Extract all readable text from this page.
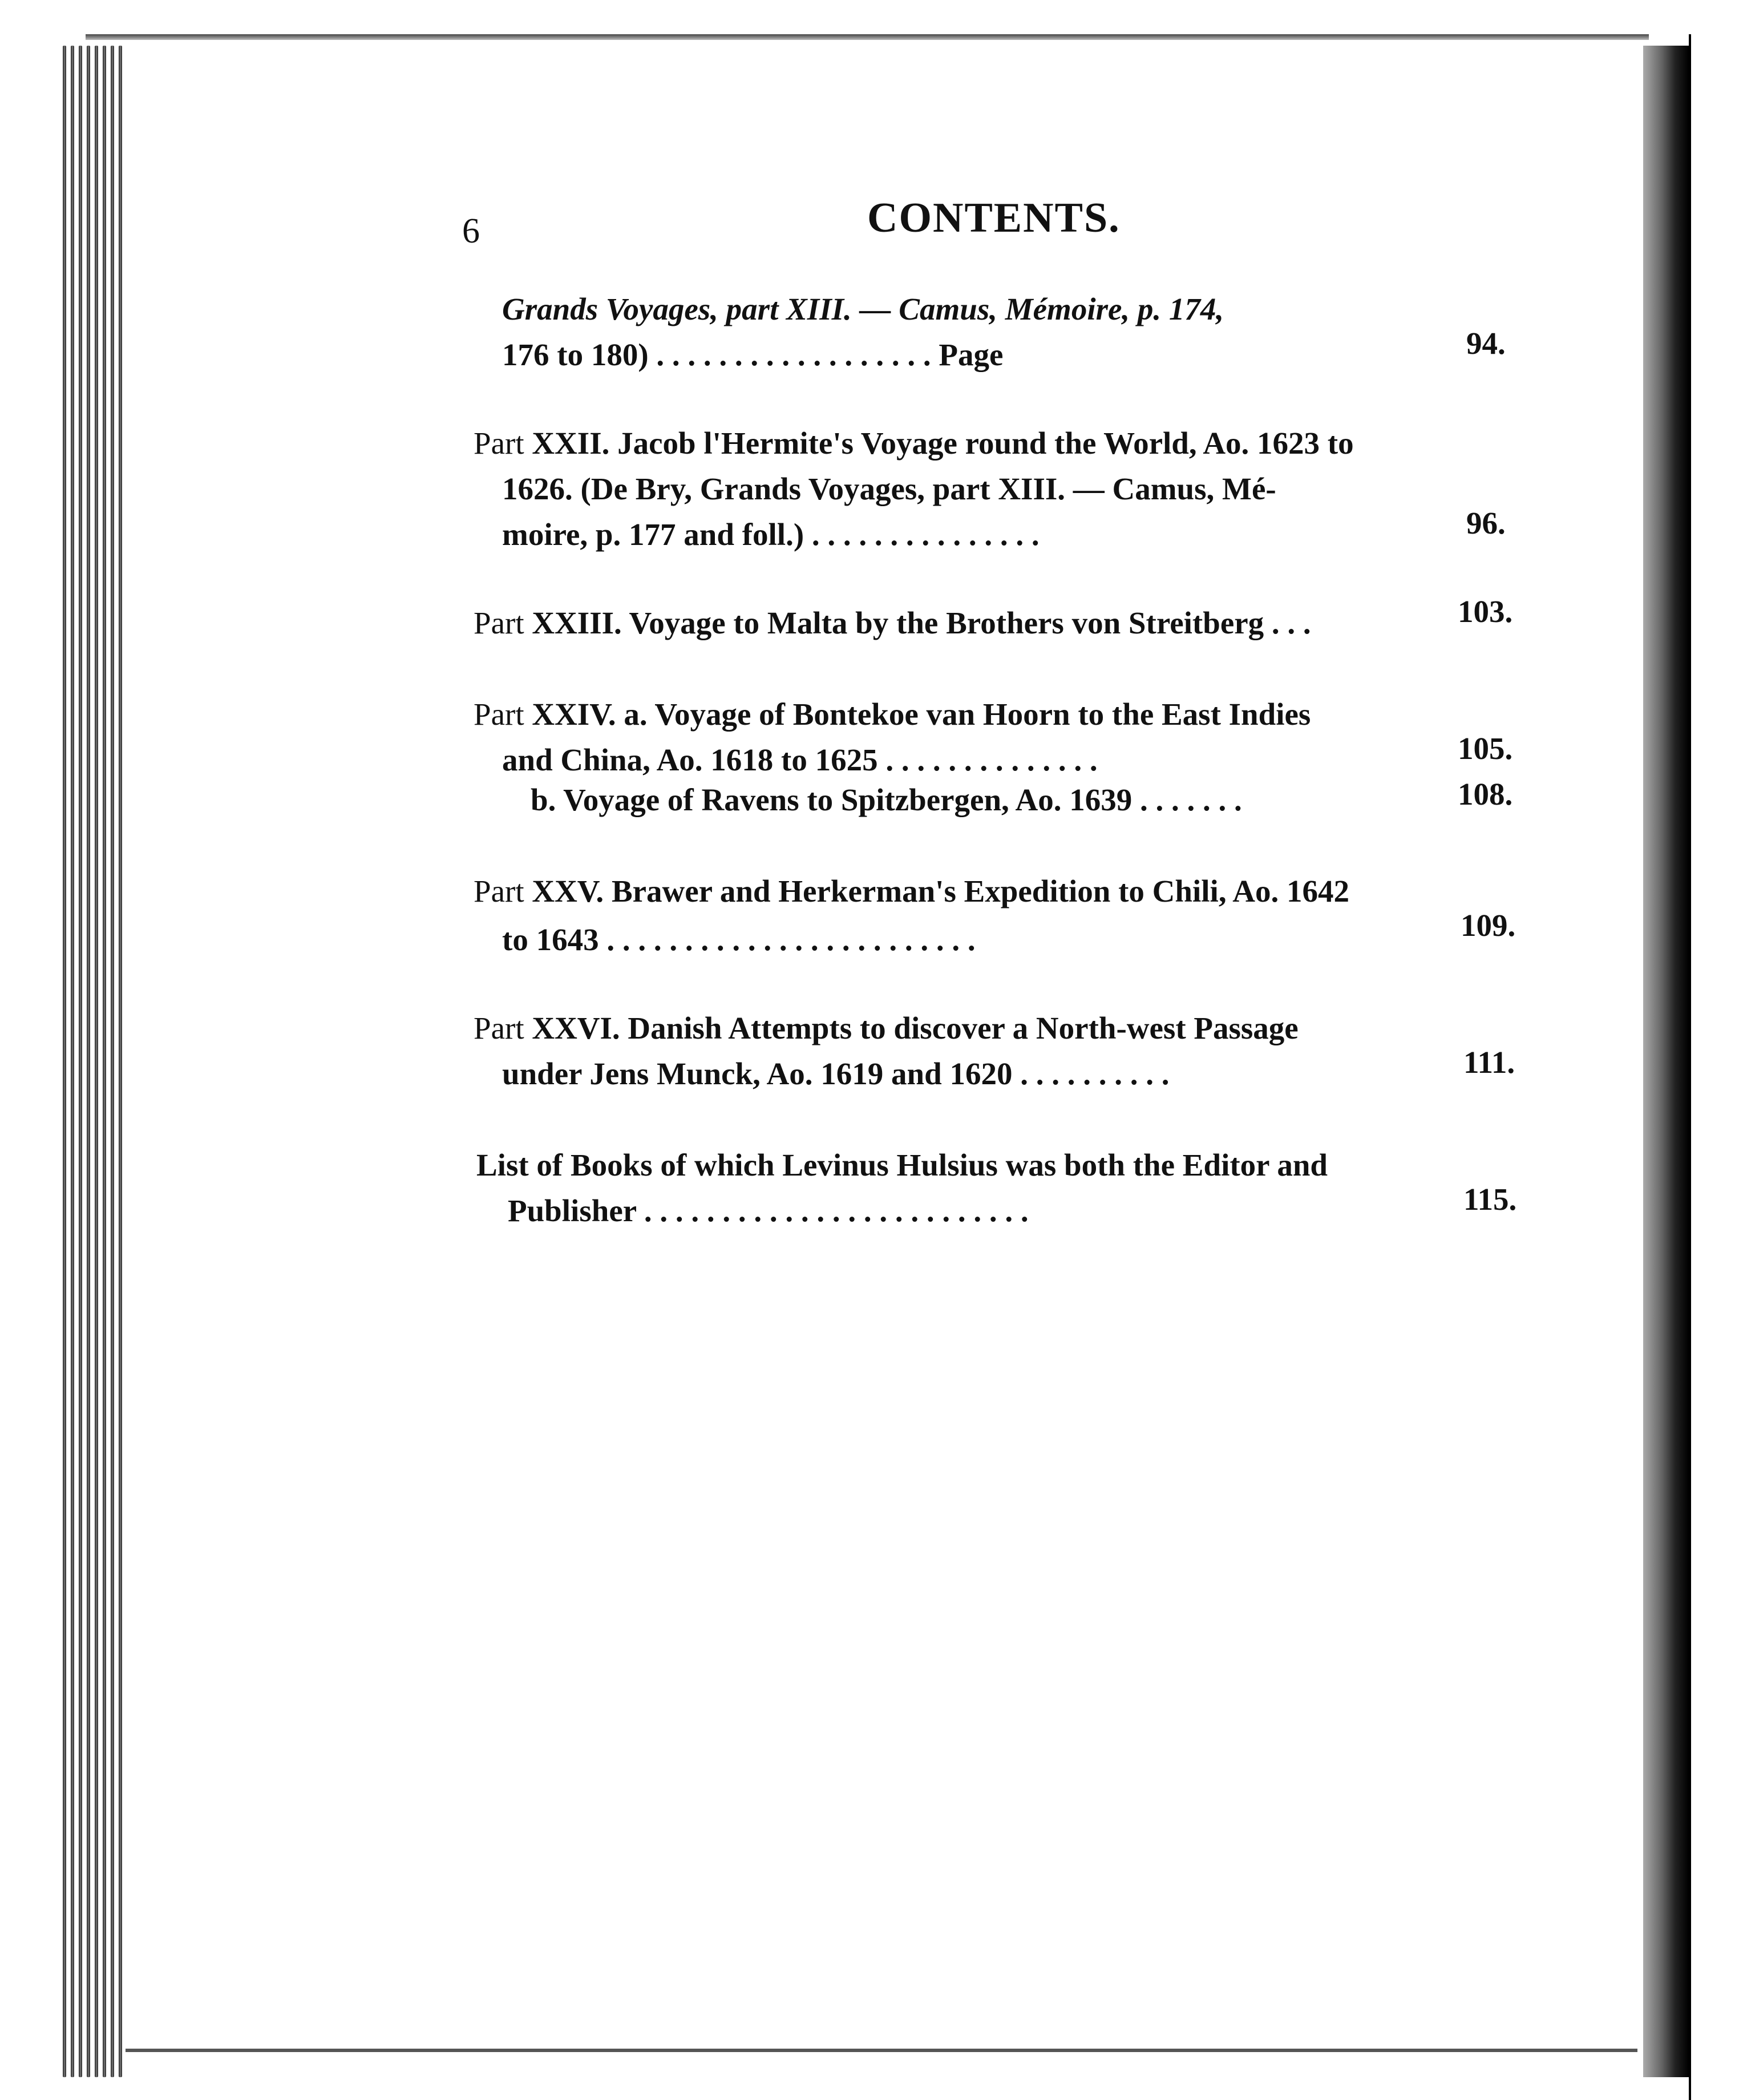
6	CONTENTS.
Grands Voyages, part XIII. — Camus, Mémoire, p. 174,
176 to 180) . . . . . . . . . . . . . . . . . . Page	94.
Part XXII. Jacob l'Hermite's Voyage round the World, Ao. 1623 to
1626. (De Bry, Grands Voyages, part XIII. — Camus, Mé-
moire, p. 177 and foll.) . . . . . . . . . . . . . . .	96.
Part XXIII. Voyage to Malta by the Brothers von Streitberg . . .	103.
Part XXIV. a. Voyage of Bontekoe van Hoorn to the East Indies
and China, Ao. 1618 to 1625 . . . . . . . . . . . . . .	105.
b. Voyage of Ravens to Spitzbergen, Ao. 1639 . . . . . . .	108.
Part XXV. Brawer and Herkerman's Expedition to Chili, Ao. 1642
to 1643 . . . . . . . . . . . . . . . . . . . . . . . .	109.
Part XXVI. Danish Attempts to discover a North-west Passage
under Jens Munck, Ao. 1619 and 1620 . . . . . . . . . .	111.
List of Books of which Levinus Hulsius was both the Editor and
Publisher . . . . . . . . . . . . . . . . . . . . . . . . .	115.
